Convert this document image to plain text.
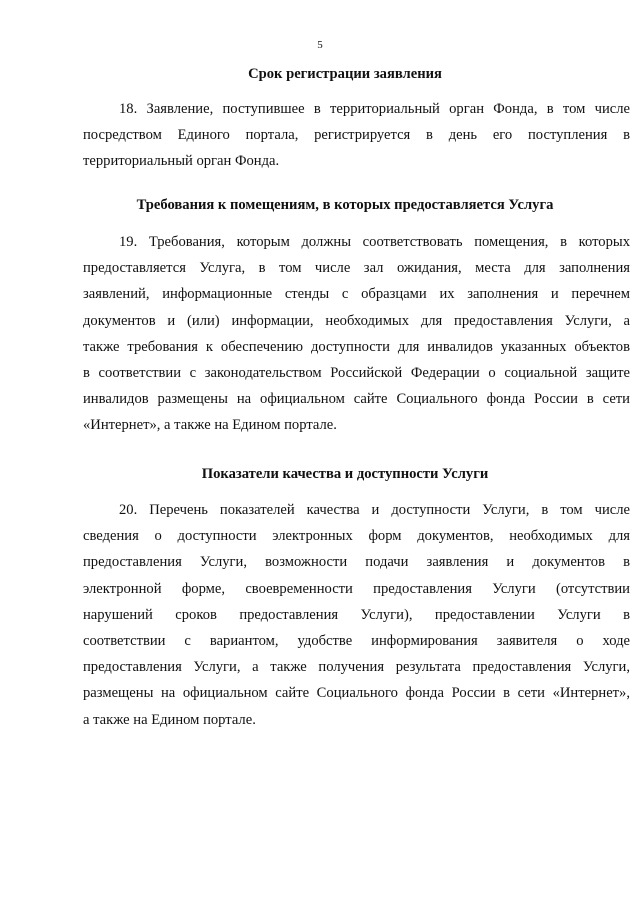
5
Срок регистрации заявления
18. Заявление, поступившее в территориальный орган Фонда, в том числе
посредством Единого портала, регистрируется в день его поступления в
территориальный орган Фонда.
Требования к помещениям, в которых предоставляется Услуга
19. Требования, которым должны соответствовать помещения, в которых
предоставляется Услуга, в том числе зал ожидания, места для заполнения
заявлений, информационные стенды с образцами их заполнения и перечнем
документов и (или) информации, необходимых для предоставления Услуги, а
также требования к обеспечению доступности для инвалидов указанных объектов
в соответствии с законодательством Российской Федерации о социальной защите
инвалидов размещены на официальном сайте Социального фонда России в сети
«Интернет», а также на Едином портале.
Показатели качества и доступности Услуги
20. Перечень показателей качества и доступности Услуги, в том числе
сведения о доступности электронных форм документов, необходимых для
предоставления Услуги, возможности подачи заявления и документов в
электронной форме, своевременности предоставления Услуги (отсутствии
нарушений сроков предоставления Услуги), предоставлении Услуги в
соответствии с вариантом, удобстве информирования заявителя о ходе
предоставления Услуги, а также получения результата предоставления Услуги,
размещены на официальном сайте Социального фонда России в сети «Интернет»,
а также на Едином портале.
